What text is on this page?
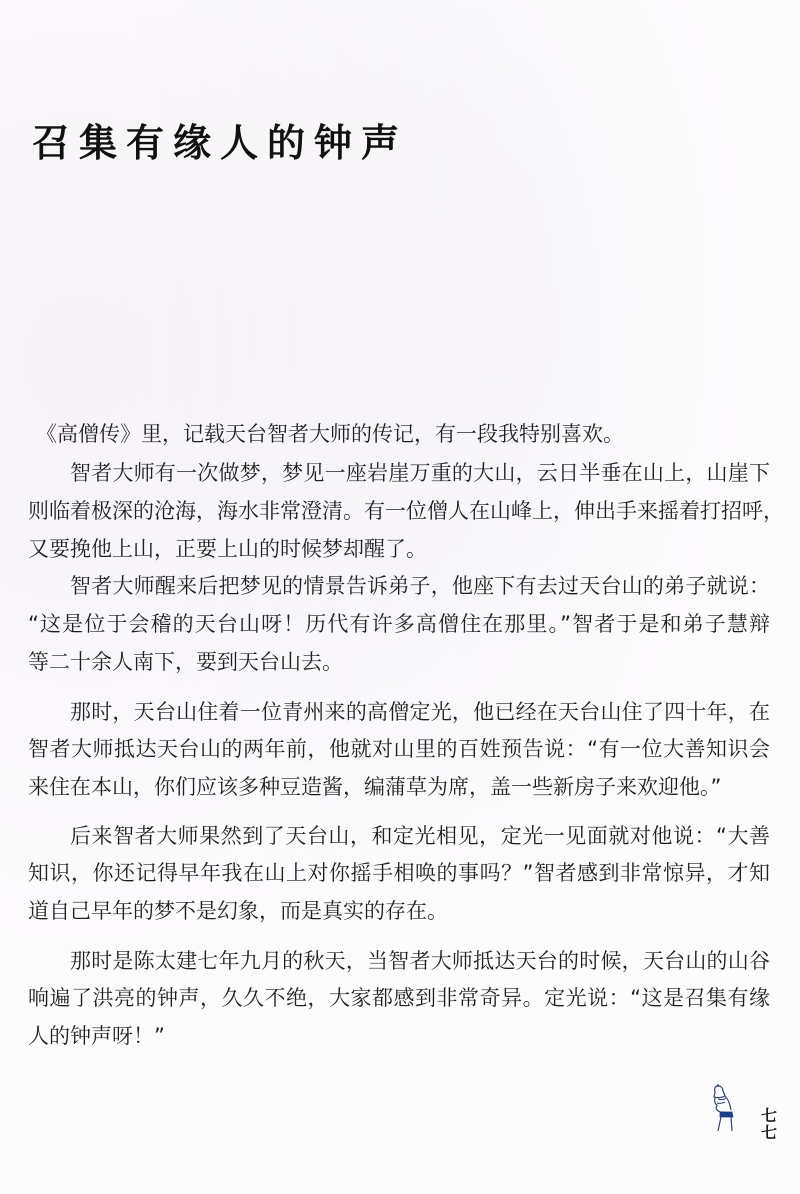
召集有缘人的钟声
《高僧传》里，记载天台智者大师的传记，有一段我特别喜欢。
智者大师有一次做梦，梦见一座岩崖万重的大山，云日半垂在山上，山崖下
则临着极深的沧海，海水非常澄清。有一位僧人在山峰上，伸出手来摇着打招呼，
又要挽他上山，正要上山的时候梦却醒了。
智者大师醒来后把梦见的情景告诉弟子，他座下有去过天台山的弟子就说：
“这是位于会稽的天台山呀！历代有许多高僧住在那里。”智者于是和弟子慧辩
等二十余人南下，要到天台山去。
那时，天台山住着一位青州来的高僧定光，他已经在天台山住了四十年，在
智者大师抵达天台山的两年前，他就对山里的百姓预告说：“有一位大善知识会
来住在本山，你们应该多种豆造酱，编蒲草为席，盖一些新房子来欢迎他。”
后来智者大师果然到了天台山，和定光相见，定光一见面就对他说：“大善
知识，你还记得早年我在山上对你摇手相唤的事吗？”智者感到非常惊异，才知
道自己早年的梦不是幻象，而是真实的存在。
那时是陈太建七年九月的秋天，当智者大师抵达天台的时候，天台山的山谷
响遍了洪亮的钟声，久久不绝，大家都感到非常奇异。定光说：“这是召集有缘
人的钟声呀！”
七
七
